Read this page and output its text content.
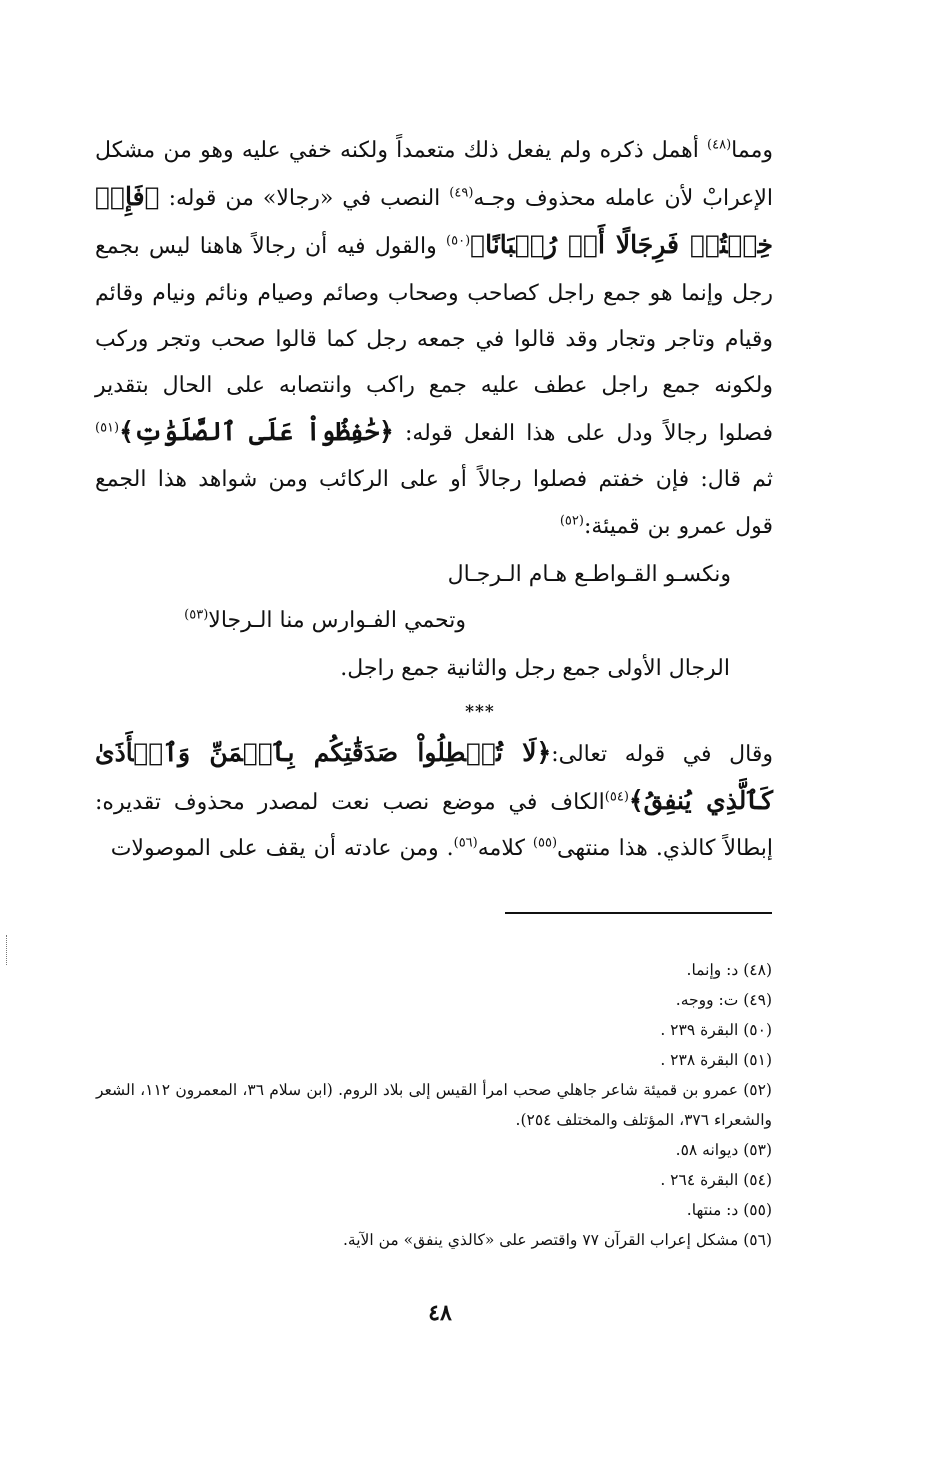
ومما$^{(٤٨)}$ أهمل ذكره ولم يفعل ذلك متعمداً ولكنه خفي عليه وهو من مشكل الإعرابْ لأن عامله محذوف وجـه$^{(٤٩)}$ النصب في «رجالا» من قوله: ﴿فَإِنۡ خِفۡتُمۡ فَرِجَالًا أَوۡ رُكۡبَانًا﴾$^{(٥٠)}$ والقول فيه أن رجالاً هاهنا ليس بجمع رجل وإنما هو جمع راجل كصاحب وصحاب وصائم وصيام ونائم ونيام وقائم وقيام وتاجر وتجار وقد قالوا في جمعه رجل كما قالوا صحب وتجر وركب ولكونه جمع راجل عطف عليه جمع راكب وانتصابه على الحال بتقدير فصلوا رجالاً ودل على هذا الفعل قوله: ﴿حَٰفِظُواْ عَلَى ٱلصَّلَوَٰتِ﴾$^{(٥١)}$ ثم قال: فإن خفتم فصلوا رجالاً أو على الركائب ومن شواهد هذا الجمع قول عمرو بن قميئة:$^{(٥٢)}$

ونكسـو القـواطـع هـام الـرجـال
وتحمي الفـوارس منا الـرجالا$^{(٥٣)}$
الرجال الأولى جمع رجل والثانية جمع راجل.
***

وقال في قوله تعالى:﴿لَا تُبۡطِلُواْ صَدَقَٰتِكُم بِٱلۡمَنِّ وَٱلۡأَذَىٰ كَٱلَّذِي يُنفِقُ﴾$^{(٥٤)}$الكاف في موضع نصب نعت لمصدر محذوف تقديره: إبطالاً كالذي. هذا منتهى$^{(٥٥)}$ كلامه$^{(٥٦)}$. ومن عادته أن يقف على الموصولات

(٤٨) د: وإنما.

(٤٩) ت: ووجه.

(٥٠) البقرة ٢٣٩ .

(٥١) البقرة ٢٣٨ .

(٥٢) عمرو بن قميئة شاعر جاهلي صحب امرأ القيس إلى بلاد الروم. (ابن سلام ٣٦، المعمرون ١١٢، الشعر والشعراء ٣٧٦، المؤتلف والمختلف ٢٥٤).

(٥٣) ديوانه ٥٨.

(٥٤) البقرة ٢٦٤ .

(٥٥) د: منتها.

(٥٦) مشكل إعراب القرآن ٧٧ واقتصر على «كالذي ينفق» من الآية.

٤٨
